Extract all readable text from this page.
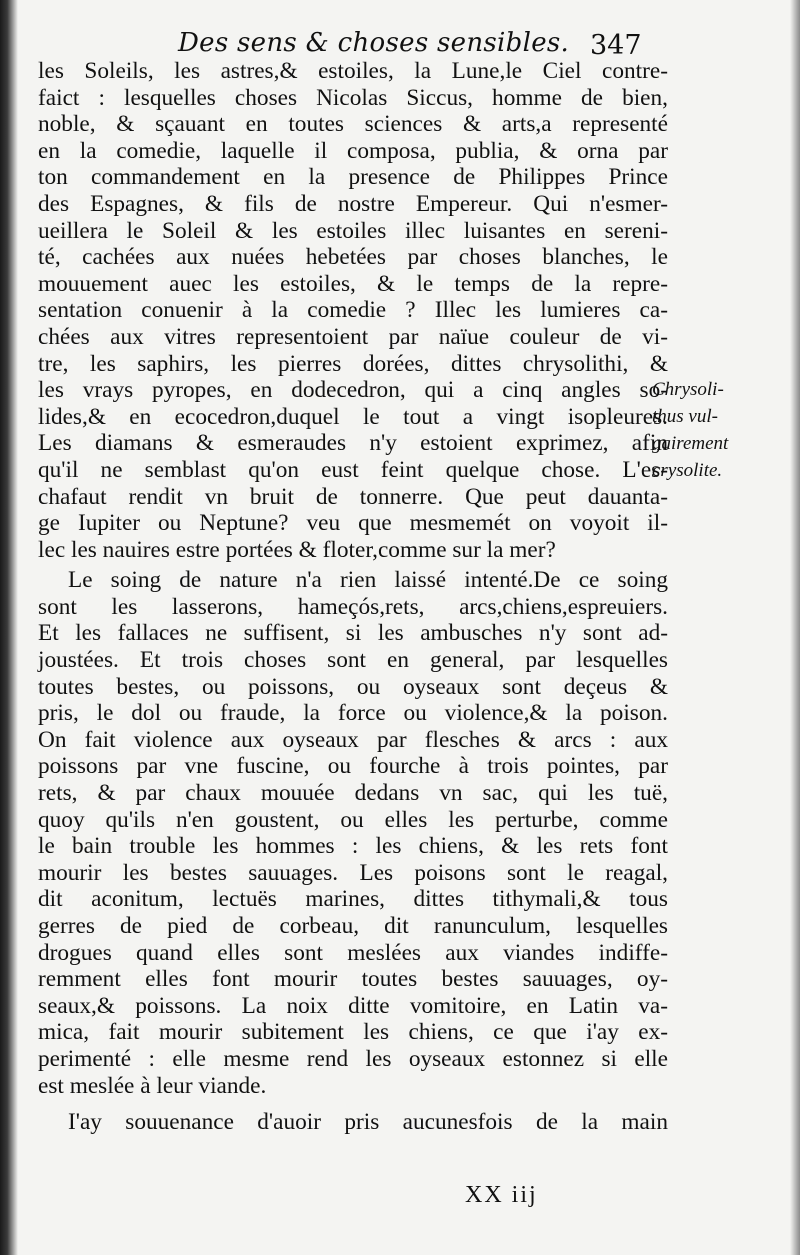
Des sens & choses sensibles. 347
les Soleils, les astres,& estoiles, la Lune,le Ciel contre-
faict : lesquelles choses Nicolas Siccus, homme de bien,
noble, & sçauant en toutes sciences & arts,a representé
en la comedie, laquelle il composa, publia, & orna par
ton commandement en la presence de Philippes Prince
des Espagnes, & fils de nostre Empereur. Qui n'esmer-
ueillera le Soleil & les estoiles illec luisantes en sereni-
té, cachées aux nuées hebetées par choses blanches, le
mouuement auec les estoiles, & le temps de la repre-
sentation conuenir à la comedie ? Illec les lumieres ca-
chées aux vitres representoient par naïue couleur de vi-
tre, les saphirs, les pierres dorées, dittes chrysolithi, &
les vrays pyropes, en dodecedron, qui a cinq angles so-
lides,& en ecocedron,duquel le tout a vingt isopleures.
Les diamans & esmeraudes n'y estoient exprimez, afin
qu'il ne semblast qu'on eust feint quelque chose. L'es-
chafaut rendit vn bruit de tonnerre. Que peut dauanta-
ge Iupiter ou Neptune? veu que mesmemét on voyoit il-
lec les nauires estre portées & floter,comme sur la mer?
Le soing de nature n'a rien laissé intenté.De ce soing
sont les lasserons, hameçós,rets, arcs,chiens,espreuiers.
Et les fallaces ne suffisent, si les ambusches n'y sont ad-
joustées. Et trois choses sont en general, par lesquelles
toutes bestes, ou poissons, ou oyseaux sont deçeus &
pris, le dol ou fraude, la force ou violence,& la poison.
On fait violence aux oyseaux par flesches & arcs : aux
poissons par vne fuscine, ou fourche à trois pointes, par
rets, & par chaux mouuée dedans vn sac, qui les tuë,
quoy qu'ils n'en goustent, ou elles les perturbe, comme
le bain trouble les hommes : les chiens, & les rets font
mourir les bestes sauuages. Les poisons sont le reagal,
dit aconitum, lectuës marines, dittes tithymali,& tous
gerres de pied de corbeau, dit ranunculum, lesquelles
drogues quand elles sont meslées aux viandes indiffe-
remment elles font mourir toutes bestes sauuages, oy-
seaux,& poissons. La noix ditte vomitoire, en Latin va-
mica, fait mourir subitement les chiens, ce que i'ay ex-
perimenté : elle mesme rend les oyseaux estonnez si elle
est meslée à leur viande.
I'ay souuenance d'auoir pris aucunesfois de la main
Chrysoli-
thus vul-
gairement
crysolite.
XX iij
